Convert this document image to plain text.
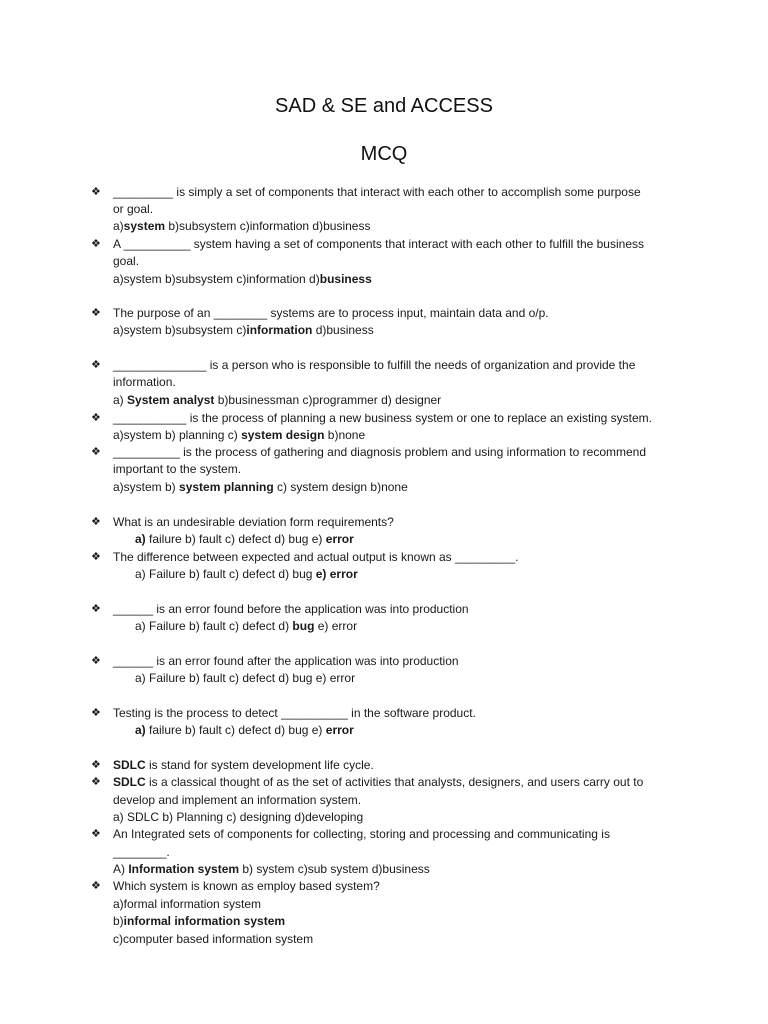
SAD & SE and ACCESS
MCQ
❖ _________ is simply a set of components that interact with each other to accomplish some purpose
or goal.
a)system b)subsystem c)information d)business
❖ A __________ system having a set of components that interact with each other to fulfill the business
goal.
a)system b)subsystem c)information d)business
❖ The purpose of an ________ systems are to process input, maintain data and o/p.
a)system b)subsystem c)information d)business
❖ ______________ is a person who is responsible to fulfill the needs of organization and provide the
information.
a) System analyst b)businessman c)programmer d) designer
❖ ___________ is the process of planning a new business system or one to replace an existing system.
a)system b) planning c) system design b)none
❖ __________ is the process of gathering and diagnosis problem and using information to recommend
important to the system.
a)system b) system planning c) system design b)none
❖ What is an undesirable deviation form requirements?
a) failure b) fault c) defect d) bug e) error
❖ The difference between expected and actual output is known as _________.
a) Failure b) fault c) defect d) bug e) error
❖ ______ is an error found before the application was into production
a) Failure b) fault c) defect d) bug e) error
❖ ______ is an error found after the application was into production
a) Failure b) fault c) defect d) bug e) error
❖ Testing is the process to detect __________ in the software product.
a) failure b) fault c) defect d) bug e) error
❖ SDLC is stand for system development life cycle.
❖ SDLC is a classical thought of as the set of activities that analysts, designers, and users carry out to
develop and implement an information system.
a) SDLC b) Planning c) designing d)developing
❖ An Integrated sets of components for collecting, storing and processing and communicating is
________.
A) Information system b) system c)sub system d)business
❖ Which system is known as employ based system?
a)formal information system
b)informal information system
c)computer based information system
